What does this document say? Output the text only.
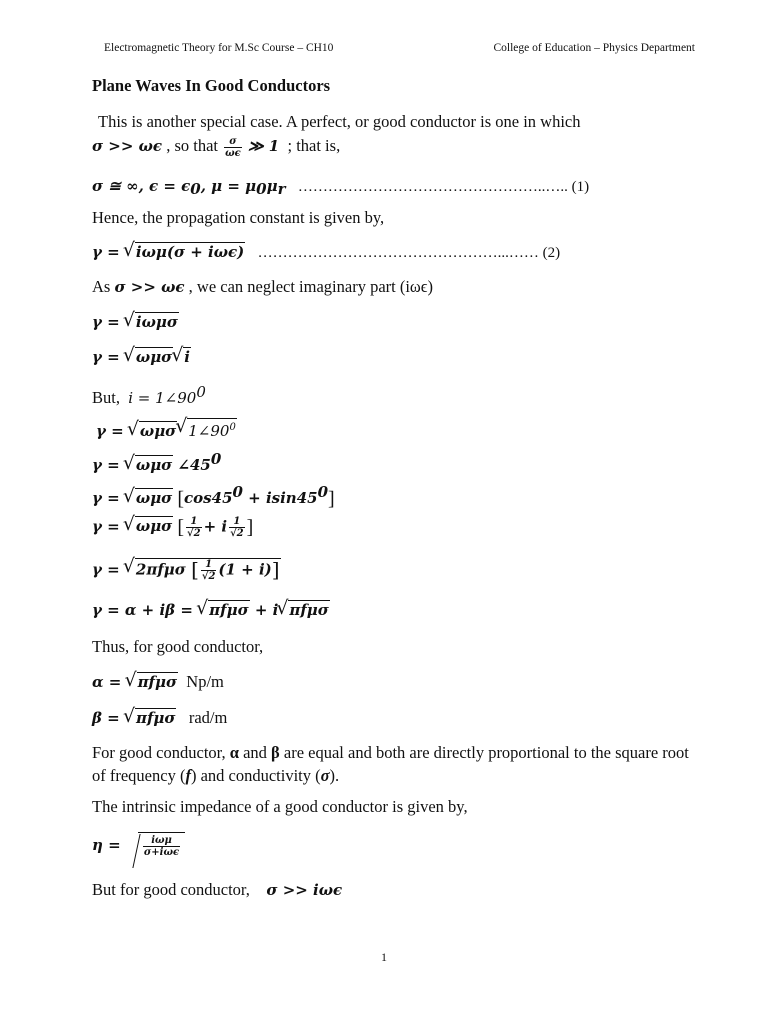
Electromagnetic Theory for M.Sc Course – CH10	College of Education – Physics Department
Plane Waves In Good Conductors

This is another special case. A perfect, or good conductor is one in which

σ >> ωϵ , so that $\frac{\sigma}{\omega\epsilon}$ ≫ 1 ; that is,

σ ≅ ∞, $\epsilon = \epsilon_0$, $\mu = \mu_0\mu_r$ …………………………………………..….. (1)
Hence, the propagation constant is given by,
γ = √ iωμ(σ + iωϵ) …………………………………………...…… (2)
As σ >> ωϵ , we can neglect imaginary part (iωϵ)
γ = √ iωμσ
γ = √ ωμσ √ i
But, $i = 1\angle 90^0$
γ = √ ωμσ √ $1\angle 90^0$
γ = √ ωμσ $\angle 45^0$
γ = √ ωμσ $[\cos 45^0 + isin45^0]$
γ = √ ωμσ [ $\frac{1}{√2} + i \frac{1}{√2}$ ]
γ = √ 2πfμσ [ $\frac{1}{√2} (1 + i)$]
γ = α + iβ = √ πfμσ + i √ πfμσ
Thus, for good conductor,
α = √ πfμσ Np/m
β = √ πfμσ rad/m
For good conductor, α and β are equal and both are directly proportional to the square root of frequency (f) and conductivity (σ).
The intrinsic impedance of a good conductor is given by,
$\eta = \frac{\text{iωμ}}{\text{σ+iωϵ}}$
But for good conductor, σ >> iωϵ
1
